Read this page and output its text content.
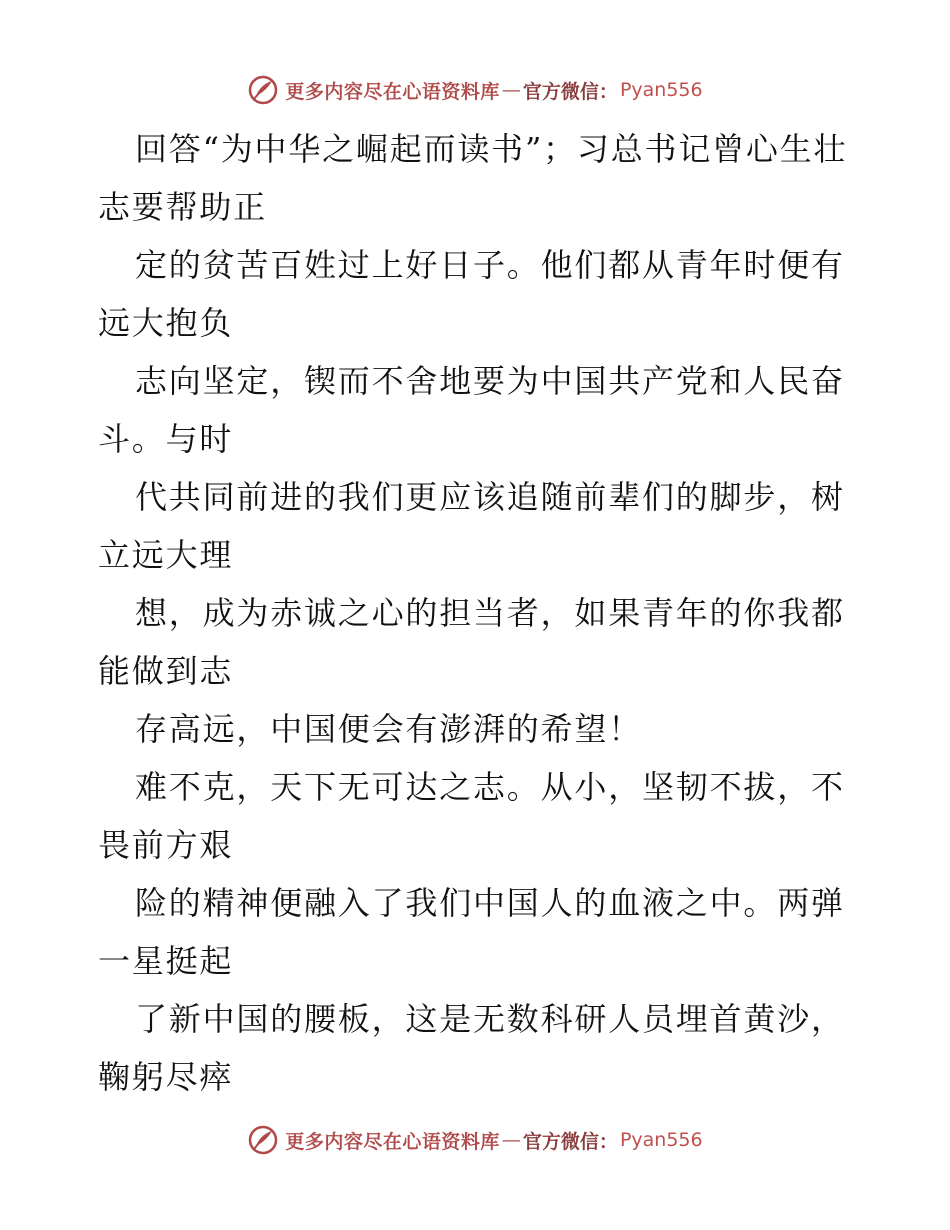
更多内容尽在心语资料库 — 官方微信： Pyan556

回答“为中华之崛起而读书”；习总书记曾心生壮志要帮助正

定的贫苦百姓过上好日子。他们都从青年时便有远大抱负

志向坚定，锲而不舍地要为中国共产党和人民奋斗。与时

代共同前进的我们更应该追随前辈们的脚步，树立远大理

想，成为赤诚之心的担当者，如果青年的你我都能做到志

存高远，中国便会有澎湃的希望！

难不克，天下无可达之志。从小，坚韧不拔，不畏前方艰

险的精神便融入了我们中国人的血液之中。两弹一星挺起

了新中国的腰板，这是无数科研人员埋首黄沙，鞠躬尽瘁

更多内容尽在心语资料库 — 官方微信： Pyan556
